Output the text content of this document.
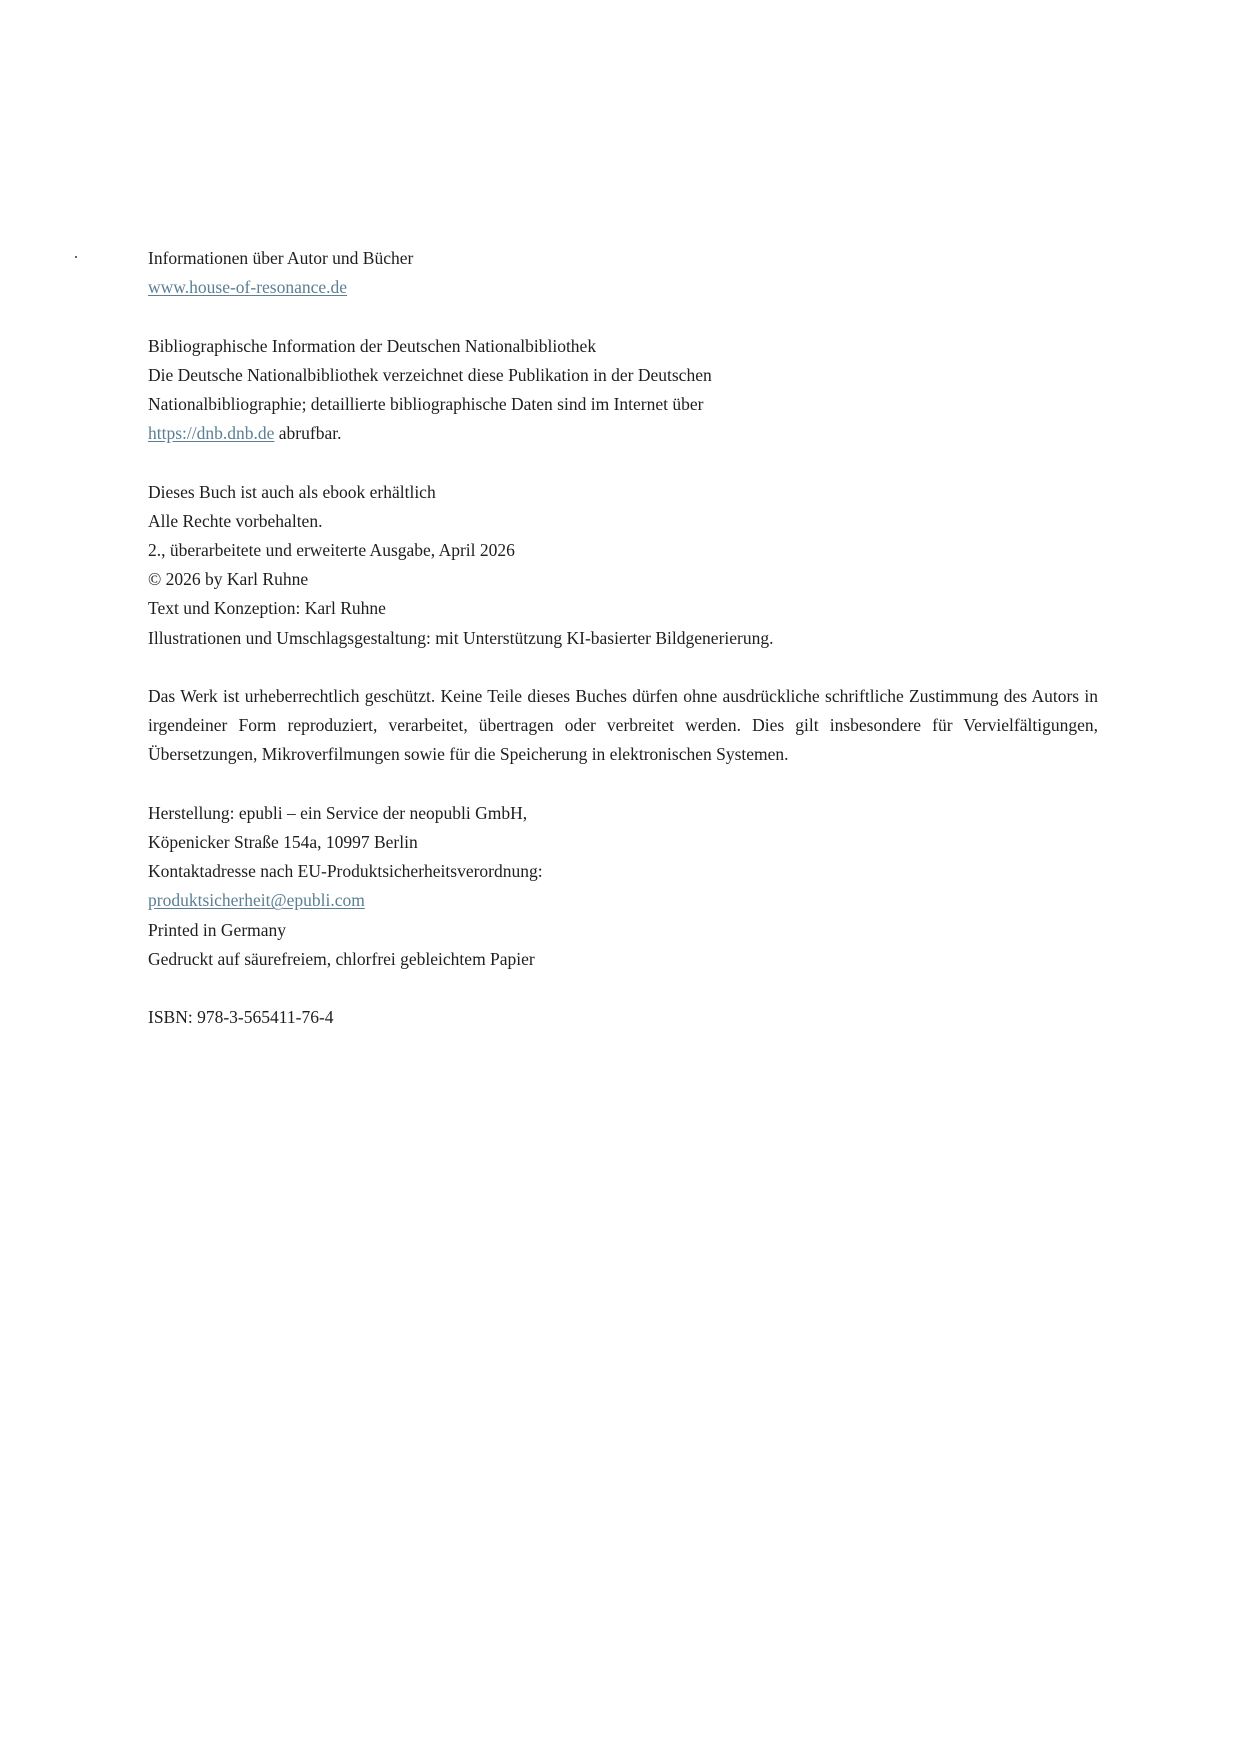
Informationen über Autor und Bücher
www.house-of-resonance.de
Bibliographische Information der Deutschen Nationalbibliothek
Die Deutsche Nationalbibliothek verzeichnet diese Publikation in der Deutschen
Nationalbibliographie; detaillierte bibliographische Daten sind im Internet über
https://dnb.dnb.de abrufbar.
Dieses Buch ist auch als ebook erhältlich
Alle Rechte vorbehalten.
2., überarbeitete und erweiterte Ausgabe, April 2026
© 2026 by Karl Ruhne
Text und Konzeption: Karl Ruhne
Illustrationen und Umschlagsgestaltung: mit Unterstützung KI-basierter Bildgenerierung.
Das Werk ist urheberrechtlich geschützt. Keine Teile dieses Buches dürfen ohne ausdrückliche schriftliche Zustimmung des Autors in irgendeiner Form reproduziert, verarbeitet, übertragen oder verbreitet werden. Dies gilt insbesondere für Vervielfältigungen, Übersetzungen, Mikroverfilmungen sowie für die Speicherung in elektronischen Systemen.
Herstellung: epubli – ein Service der neopubli GmbH,
Köpenicker Straße 154a, 10997 Berlin
Kontaktadresse nach EU-Produktsicherheitsverordnung:
produktsicherheit@epubli.com
Printed in Germany
Gedruckt auf säurefreiem, chlorfrei gebleichtem Papier
ISBN: 978-3-565411-76-4
